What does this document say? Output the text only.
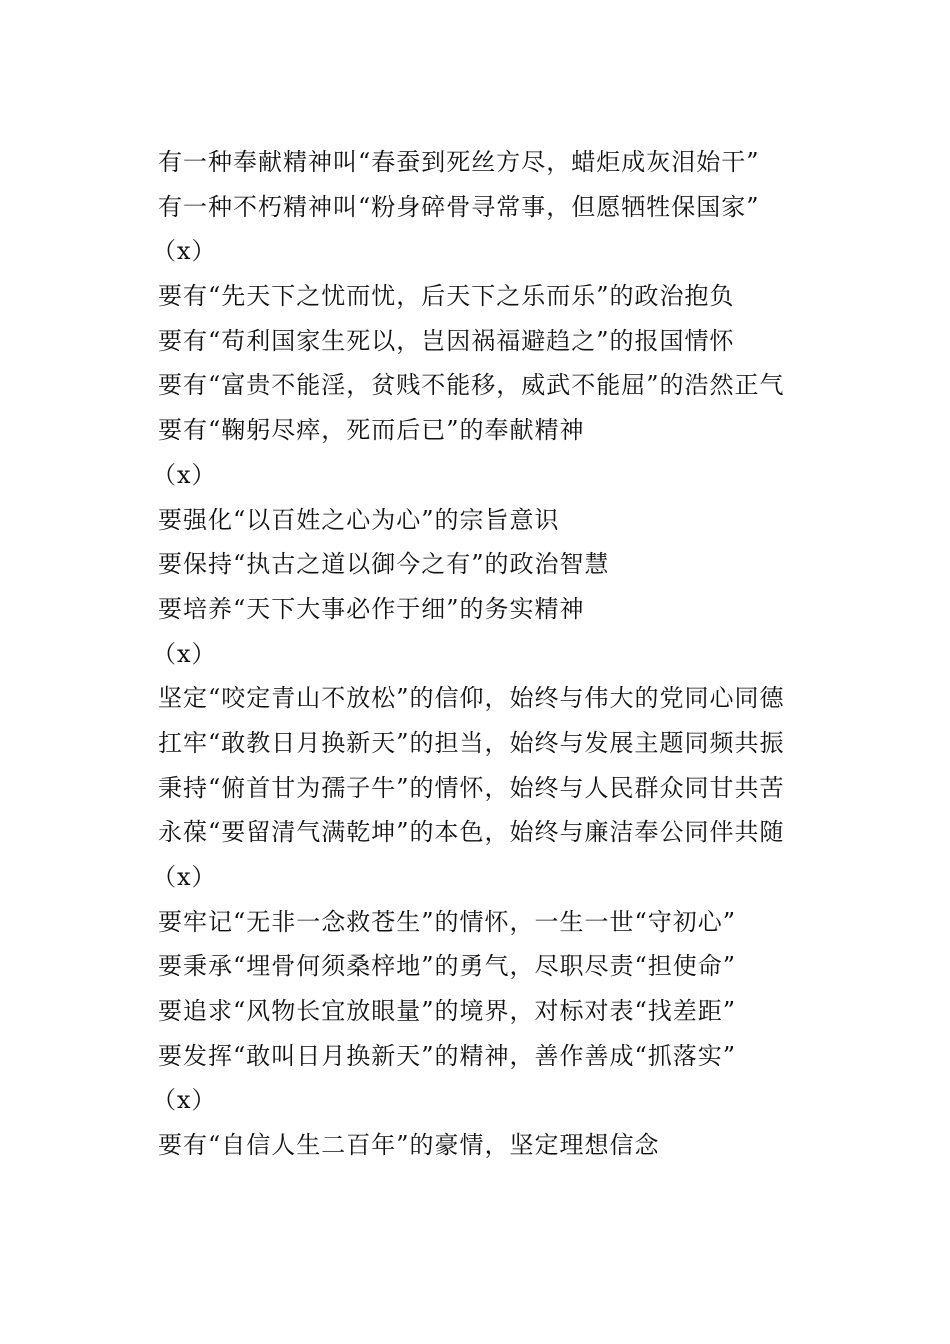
有一种奉献精神叫“春蚕到死丝方尽，蜡炬成灰泪始干”
有一种不朽精神叫“粉身碎骨寻常事，但愿牺牲保国家”
（x）
要有“先天下之忧而忧，后天下之乐而乐”的政治抱负
要有“苟利国家生死以，岂因祸福避趋之”的报国情怀
要有“富贵不能淫，贫贱不能移，威武不能屈”的浩然正气
要有“鞠躬尽瘁，死而后已”的奉献精神
（x）
要强化“以百姓之心为心”的宗旨意识
要保持“执古之道以御今之有”的政治智慧
要培养“天下大事必作于细”的务实精神
（x）
坚定“咬定青山不放松”的信仰，始终与伟大的党同心同德
扛牢“敢教日月换新天”的担当，始终与发展主题同频共振
秉持“俯首甘为孺子牛”的情怀，始终与人民群众同甘共苦
永葆“要留清气满乾坤”的本色，始终与廉洁奉公同伴共随
（x）
要牢记“无非一念救苍生”的情怀，一生一世“守初心”
要秉承“埋骨何须桑梓地”的勇气，尽职尽责“担使命”
要追求“风物长宜放眼量”的境界，对标对表“找差距”
要发挥“敢叫日月换新天”的精神，善作善成“抓落实”
（x）
要有“自信人生二百年”的豪情，坚定理想信念
